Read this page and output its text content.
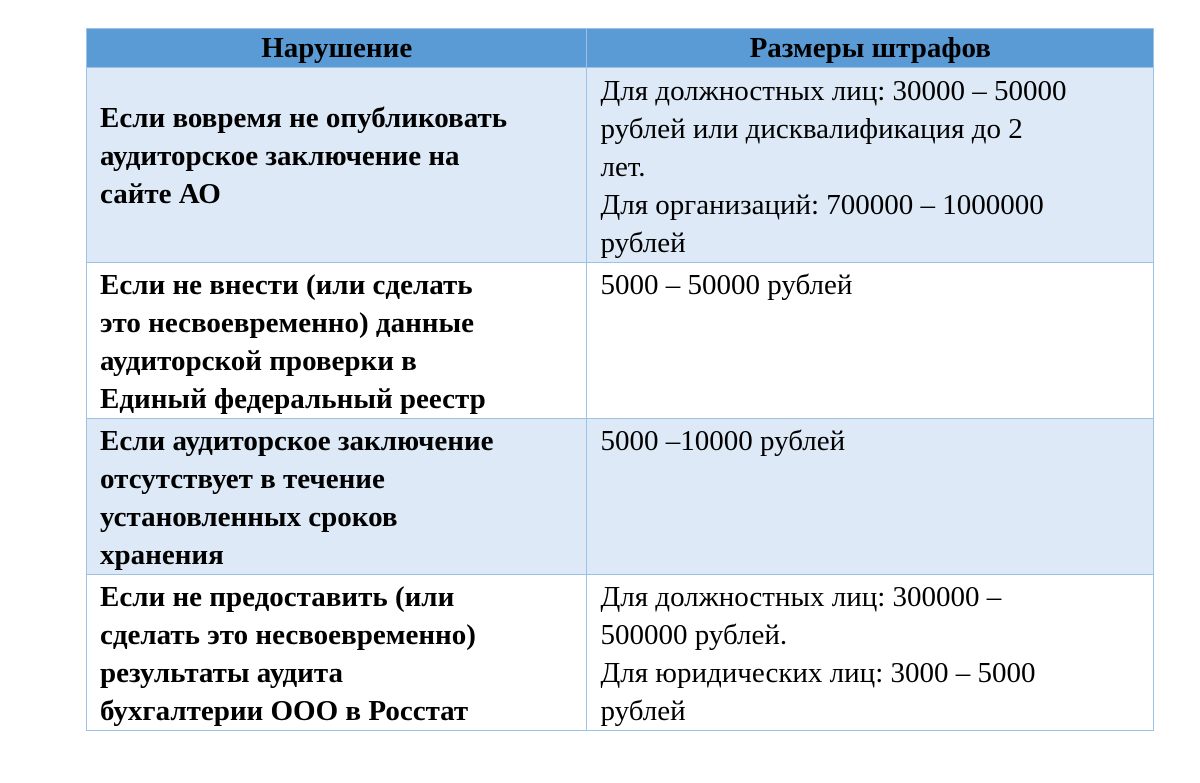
Нарушение	Размеры штрафов

Если вовремя не опубликовать
аудиторское заключение на
сайте АО	Для должностных лиц: 30000 – 50000
рублей или дисквалификация до 2
лет.
Для организаций: 700000 – 1000000
рублей

Если не внести (или сделать
это несвоевременно) данные
аудиторской проверки в
Единый федеральный реестр	5000 – 50000 рублей

Если аудиторское заключение
отсутствует в течение
установленных сроков
хранения	5000 –10000 рублей

Если не предоставить (или
сделать это несвоевременно)
результаты аудита
бухгалтерии ООО в Росстат	Для должностных лиц: 300000 –
500000 рублей.
Для юридических лиц: 3000 – 5000
рублей
